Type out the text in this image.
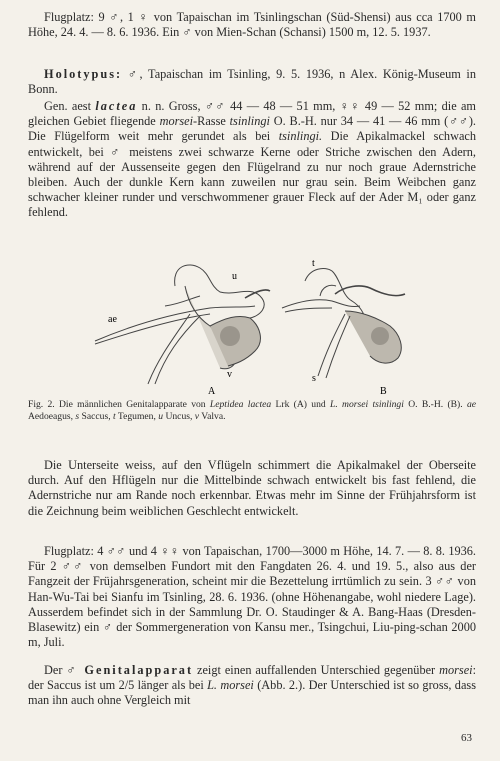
Flugplatz: 9 ♂, 1 ♀ von Tapaischan im Tsinlingschan (Süd-Shensi) aus cca 1700 m Höhe, 24. 4. — 8. 6. 1936. Ein ♂ von Mien-Schan (Schansi) 1500 m, 12. 5. 1937.

Holotypus: ♂, Tapaischan im Tsinling, 9. 5. 1936, n Alex. König-Museum in Bonn.

Gen. aest lactea n. n. Gross, ♂♂ 44 — 48 — 51 mm, ♀♀ 49 — 52 mm; die am gleichen Gebiet fliegende morsei-Rasse tsinlingi O. B.-H. nur 34 — 41 — 46 mm (♂♂). Die Flügelform weit mehr gerundet als bei tsinlingi. Die Apikalmackel schwach entwickelt, bei ♂ meistens zwei schwarze Kerne oder Striche zwischen den Adern, während auf der Aussenseite gegen den Flügelrand zu nur noch graue Adernstriche bleiben. Auch der dunkle Kern kann zuweilen nur grau sein. Beim Weibchen ganz schwacher kleiner runder und verschwommener grauer Fleck auf der Ader M₁ oder ganz fehlend.

u
ae
v
A
t
s
B
Fig. 2. Die männlichen Genitalapparate von Leptidea lactea Lrk (A) und L. morsei tsinlingi O. B.-H. (B). ae Aedoeagus, s Saccus, t Tegumen, u Uncus, v Valva.

Die Unterseite weiss, auf den Vflügeln schimmert die Apikalmakel der Oberseite durch. Auf den Hflügeln nur die Mittelbinde schwach entwickelt bis fast fehlend, die Adernstriche nur am Rande noch erkennbar. Etwas mehr im Sinne der Frühjahrsform ist die Zeichnung beim weiblichen Geschlecht entwickelt.

Flugplatz: 4 ♂♂ und 4 ♀♀ von Tapaischan, 1700—3000 m Höhe, 14. 7. — 8. 8. 1936. Für 2 ♂♂ von demselben Fundort mit den Fangdaten 26. 4. und 19. 5., also aus der Fangzeit der Früjahrsgeneration, scheint mir die Bezettelung irrtümlich zu sein. 3 ♂♂ von Han-Wu-Tai bei Sianfu im Tsinling, 28. 6. 1936. (ohne Höhenangabe, wohl niedere Lage). Ausserdem befindet sich in der Sammlung Dr. O. Staudinger & A. Bang-Haas (Dresden-Blasewitz) ein ♂ der Sommergeneration von Kansu mer., Tsingchui, Liu-ping-schan 2000 m, Juli.

Der ♂ Genitalapparat zeigt einen auffallenden Unterschied gegenüber morsei: der Saccus ist um 2/5 länger als bei L. morsei (Abb. 2.). Der Unterschied ist so gross, dass man ihn auch ohne Vergleich mit

63
